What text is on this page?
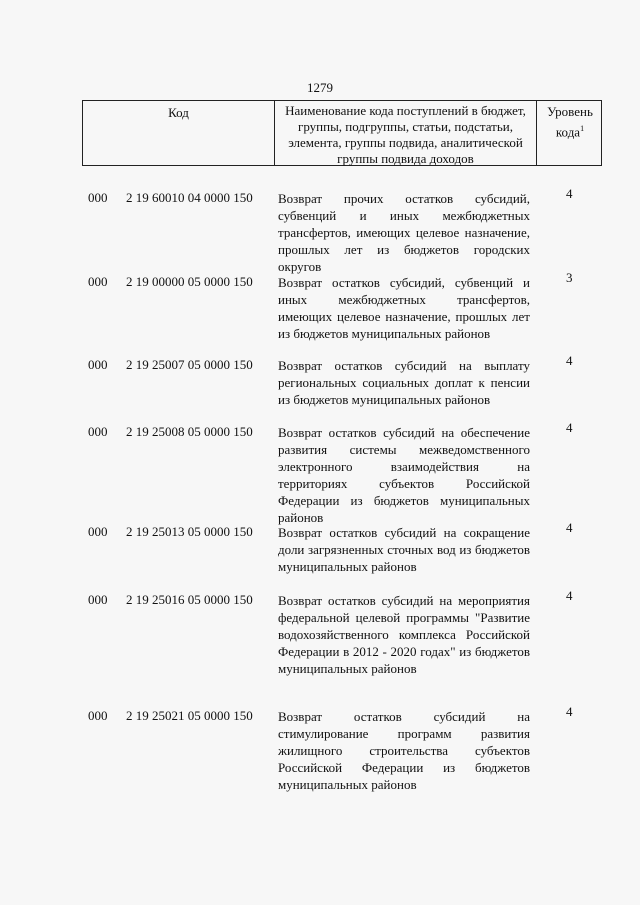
1279
Код	Наименование кода поступлений в бюджет, группы, подгруппы, статьи, подстатьи, элемента, группы подвида, аналитической группы подвида доходов
Уровень кода$^1$
000 2 19 60010 04 0000 150 Возврат прочих остатков субсидий, субвенций и иных межбюджетных трансфертов, имеющих целевое назначение, прошлых лет из бюджетов городских округов
4
000 2 19 00000 05 0000 150 Возврат остатков субсидий, субвенций и иных межбюджетных трансфертов, имеющих целевое назначение, прошлых лет из бюджетов муниципальных районов
3
000 2 19 25007 05 0000 150 Возврат остатков субсидий на выплату региональных социальных доплат к пенсии из бюджетов муниципальных районов
4
000 2 19 25008 05 0000 150 Возврат остатков субсидий на обеспечение развития системы межведомственного электронного взаимодействия на территориях субъектов Российской Федерации из бюджетов муниципальных районов
4
000 2 19 25013 05 0000 150 Возврат остатков субсидий на сокращение доли загрязненных сточных вод из бюджетов муниципальных районов
4
000 2 19 25016 05 0000 150 Возврат остатков субсидий на мероприятия федеральной целевой программы "Развитие водохозяйственного комплекса Российской Федерации в 2012 - 2020 годах" из бюджетов муниципальных районов
4
000 2 19 25021 05 0000 150 Возврат остатков субсидий на стимулирование программ развития жилищного строительства субъектов Российской Федерации из бюджетов муниципальных районов
4
